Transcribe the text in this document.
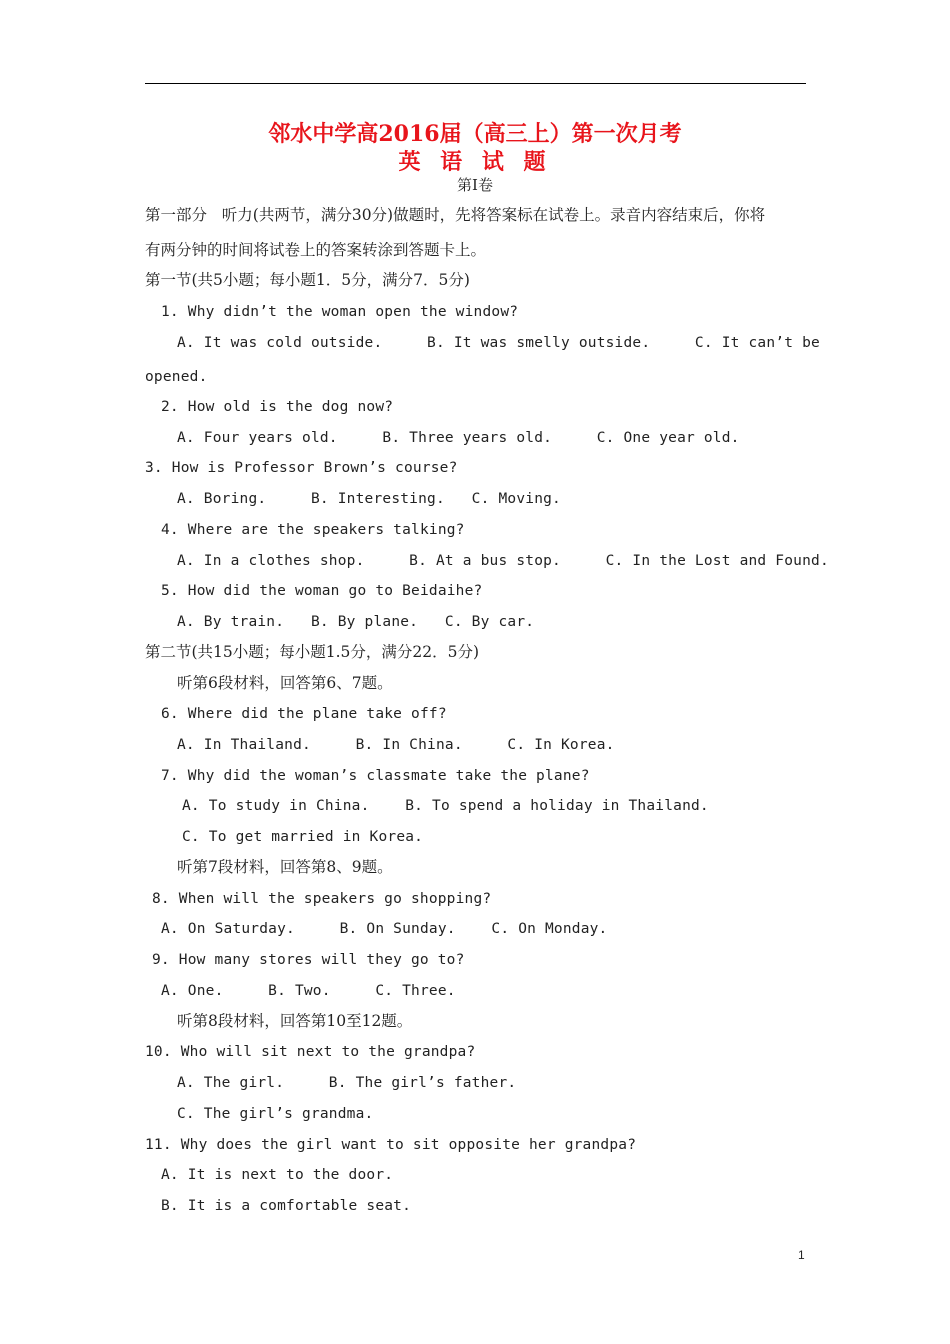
邻水中学高2016届（高三上）第一次月考
英 语 试 题
第I卷
第一部分   听力(共两节，满分30分)做题时，先将答案标在试卷上。录音内容结束后，你将
有两分钟的时间将试卷上的答案转涂到答题卡上。
第一节(共5小题；每小题1．5分，满分7．5分)
1. Why didn’t the woman open the window?
A. It was cold outside.     B. It was smelly outside.     C. It can’t be
opened.
2. How old is the dog now?
A. Four years old.     B. Three years old.     C. One year old.
3. How is Professor Brown’s course?
A. Boring.     B. Interesting.   C. Moving.
4. Where are the speakers talking?
A. In a clothes shop.     B. At a bus stop.     C. In the Lost and Found.
5. How did the woman go to Beidaihe?
A. By train.   B. By plane.   C. By car.
第二节(共15小题；每小题1.5分，满分22．5分)
听第6段材料，回答第6、7题。
6. Where did the plane take off?
A. In Thailand.     B. In China.     C. In Korea.
7. Why did the woman’s classmate take the plane?
A. To study in China.    B. To spend a holiday in Thailand.
C. To get married in Korea.
听第7段材料，回答第8、9题。
8. When will the speakers go shopping?
A. On Saturday.     B. On Sunday.    C. On Monday.
9. How many stores will they go to?
A. One.     B. Two.     C. Three.
听第8段材料，回答第10至12题。
10. Who will sit next to the grandpa?
A. The girl.     B. The girl’s father.
C. The girl’s grandma.
11. Why does the girl want to sit opposite her grandpa?
A. It is next to the door.
B. It is a comfortable seat.
1
